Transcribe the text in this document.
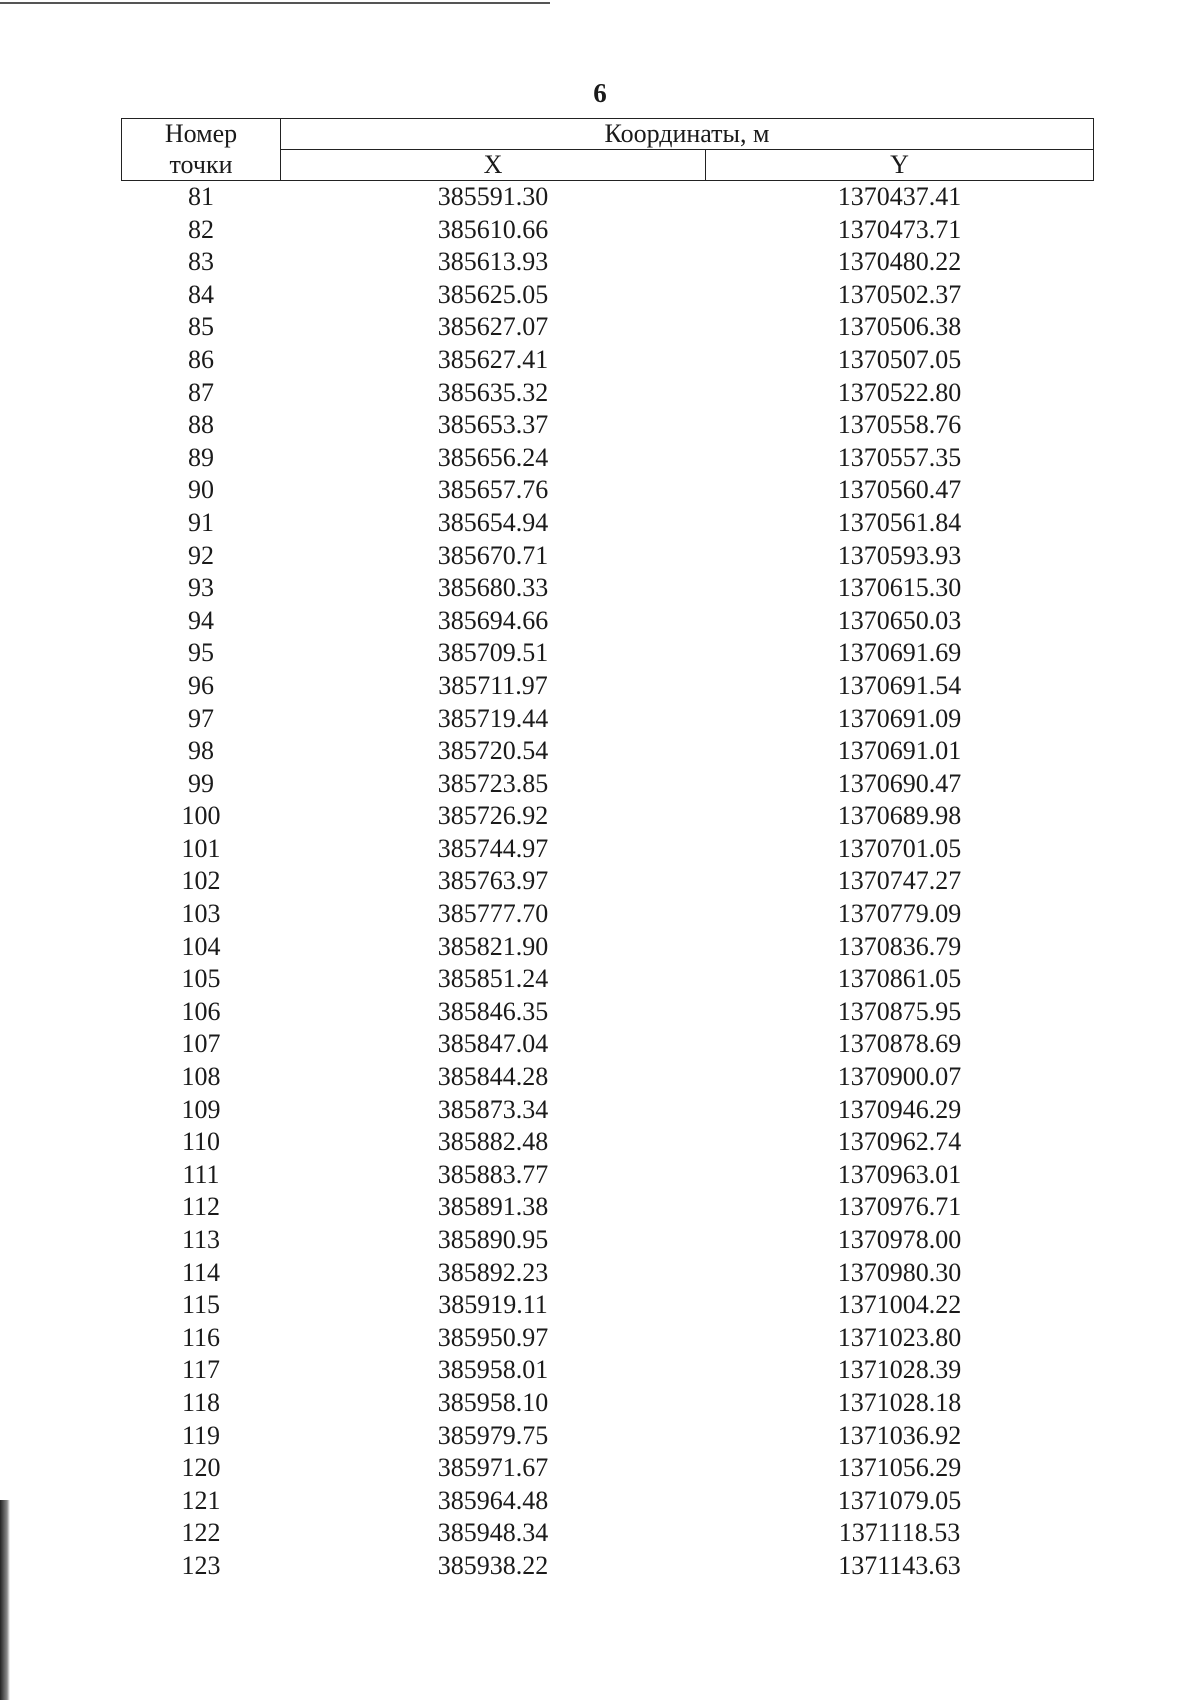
6
Номер	Координаты, м	
точки	X	Y
81	385591.30	1370437.41
82	385610.66	1370473.71
83	385613.93	1370480.22
84	385625.05	1370502.37
85	385627.07	1370506.38
86	385627.41	1370507.05
87	385635.32	1370522.80
88	385653.37	1370558.76
89	385656.24	1370557.35
90	385657.76	1370560.47
91	385654.94	1370561.84
92	385670.71	1370593.93
93	385680.33	1370615.30
94	385694.66	1370650.03
95	385709.51	1370691.69
96	385711.97	1370691.54
97	385719.44	1370691.09
98	385720.54	1370691.01
99	385723.85	1370690.47
100	385726.92	1370689.98
101	385744.97	1370701.05
102	385763.97	1370747.27
103	385777.70	1370779.09
104	385821.90	1370836.79
105	385851.24	1370861.05
106	385846.35	1370875.95
107	385847.04	1370878.69
108	385844.28	1370900.07
109	385873.34	1370946.29
110	385882.48	1370962.74
111	385883.77	1370963.01
112	385891.38	1370976.71
113	385890.95	1370978.00
114	385892.23	1370980.30
115	385919.11	1371004.22
116	385950.97	1371023.80
117	385958.01	1371028.39
118	385958.10	1371028.18
119	385979.75	1371036.92
120	385971.67	1371056.29
121	385964.48	1371079.05
122	385948.34	1371118.53
123	385938.22	1371143.63
